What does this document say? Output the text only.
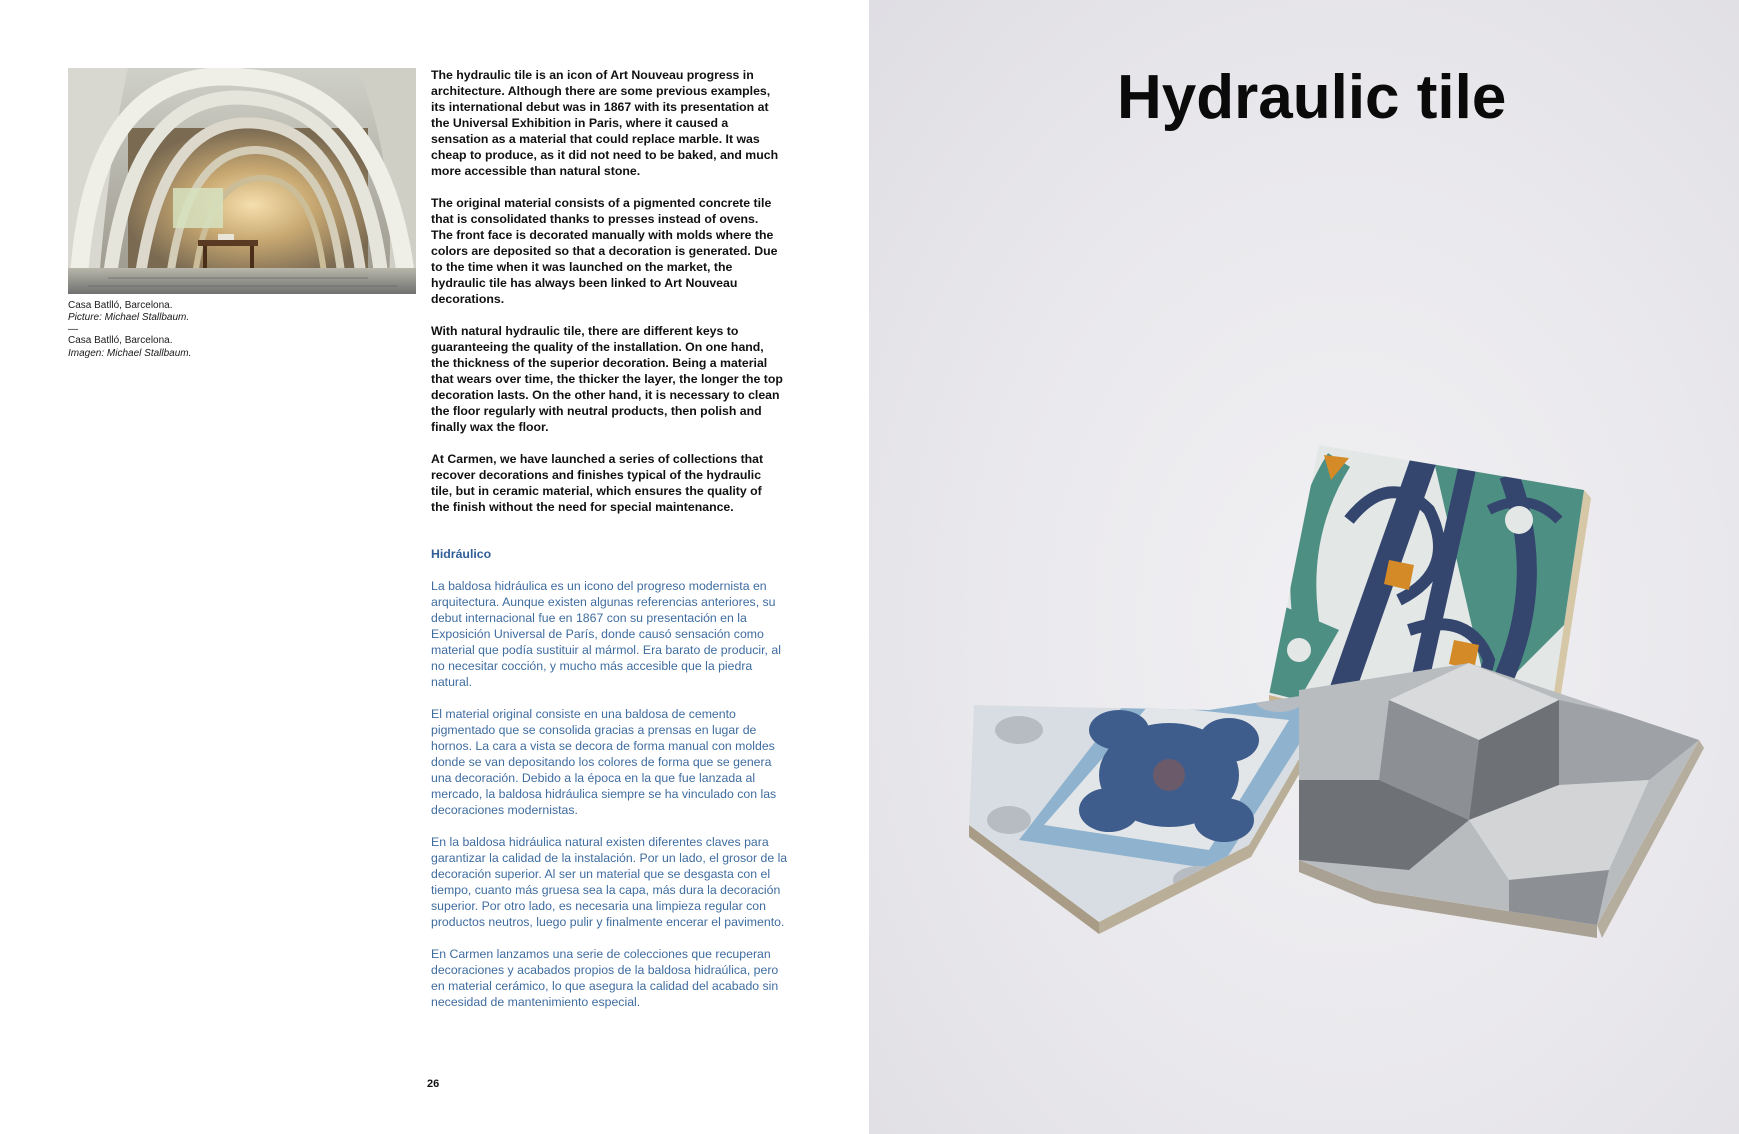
Casa Batlló, Barcelona.
Picture: Michael Stallbaum.
—
Casa Batlló, Barcelona.
Imagen: Michael Stallbaum.

The hydraulic tile is an icon of Art Nouveau progress in architecture. Although there are some previous examples, its international debut was in 1867 with its presentation at the Universal Exhibition in Paris, where it caused a sensation as a material that could replace marble. It was cheap to produce, as it did not need to be baked, and much more accessible than natural stone.

The original material consists of a pigmented concrete tile that is consolidated thanks to presses instead of ovens. The front face is decorated manually with molds where the colors are deposited so that a decoration is generated. Due to the time when it was launched on the market, the hydraulic tile has always been linked to Art Nouveau decorations.

With natural hydraulic tile, there are different keys to guaranteeing the quality of the installation. On one hand, the thickness of the superior decoration. Being a material that wears over time, the thicker the layer, the longer the top decoration lasts. On the other hand, it is necessary to clean the floor regularly with neutral products, then polish and finally wax the floor.

At Carmen, we have launched a series of collections that recover decorations and finishes typical of the hydraulic tile, but in ceramic material, which ensures the quality of the finish without the need for special maintenance.

Hidráulico

La baldosa hidráulica es un icono del progreso modernista en arquitectura. Aunque existen algunas referencias anteriores, su debut internacional fue en 1867 con su presentación en la Exposición Universal de París, donde causó sensación como material que podía sustituir al mármol. Era barato de producir, al no necesitar cocción, y mucho más accesible que la piedra natural.

El material original consiste en una baldosa de cemento pigmentado que se consolida gracias a prensas en lugar de hornos. La cara a vista se decora de forma manual con moldes donde se van depositando los colores de forma que se genera una decoración. Debido a la época en la que fue lanzada al mercado, la baldosa hidráulica siempre se ha vinculado con las decoraciones modernistas.

En la baldosa hidráulica natural existen diferentes claves para garantizar la calidad de la instalación. Por un lado, el grosor de la decoración superior. Al ser un material que se desgasta con el tiempo, cuanto más gruesa sea la capa, más dura la decoración superior. Por otro lado, es necesaria una limpieza regular con productos neutros, luego pulir y finalmente encerar el pavimento.

En Carmen lanzamos una serie de colecciones que recuperan decoraciones y acabados propios de la baldosa hidraúlica, pero en material cerámico, lo que asegura la calidad del acabado sin necesidad de mantenimiento especial.

26
Hydraulic tile
